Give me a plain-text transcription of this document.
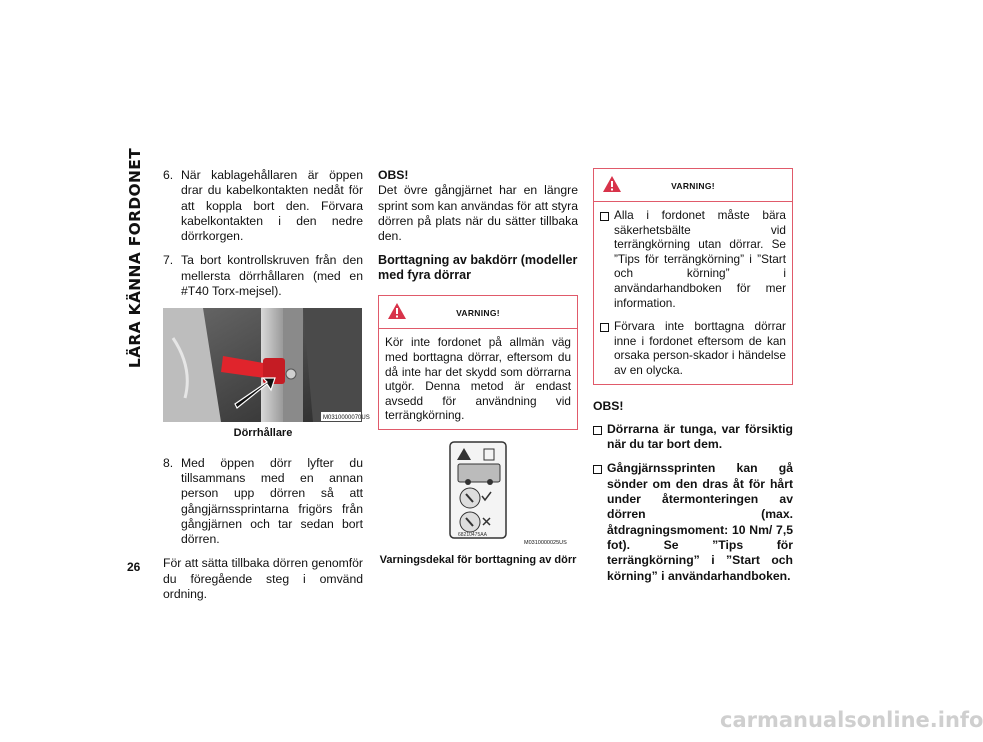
LÄRA KÄNNA FORDONET
26
6. När kablagehållaren är öppen drar du kabelkontakten nedåt för att koppla bort den. Förvara kabelkontakten i den nedre dörrkorgen.
7. Ta bort kontrollskruven från den mellersta dörrhållaren (med en #T40 Torx-mejsel).
M0310000070US
Dörrhållare
8. Med öppen dörr lyfter du tillsammans med en annan person upp dörren så att gångjärnssprintarna frigörs från gångjärnen och tar sedan bort dörren.
För att sätta tillbaka dörren genomför du föregående steg i omvänd ordning.
OBS!
Det övre gångjärnet har en längre sprint som kan användas för att styra dörren på plats när du sätter tillbaka den.
Borttagning av bakdörr (modeller med fyra dörrar
VARNING!
Kör inte fordonet på allmän väg med borttagna dörrar, eftersom du då inte har det skydd som dörrarna utgör. Denna metod är endast avsedd för användning vid terrängkörning.
68210475AA
M0310000025US
Varningsdekal för borttagning av dörr
VARNING!
Alla i fordonet måste bära säkerhetsbälte vid terrängkörning utan dörrar. Se ”Tips för terrängkörning” i ”Start och körning” i användarhandboken för mer information.
Förvara inte borttagna dörrar inne i fordonet eftersom de kan orsaka person-skador i händelse av en olycka.
OBS!
Dörrarna är tunga, var försiktig när du tar bort dem.
Gångjärnssprinten kan gå sönder om den dras åt för hårt under återmonteringen av dörren (max. åtdragningsmoment: 10 Nm/ 7,5 fot). Se ”Tips för terrängkörning” i ”Start och körning” i användarhandboken.
carmanualsonline.info
